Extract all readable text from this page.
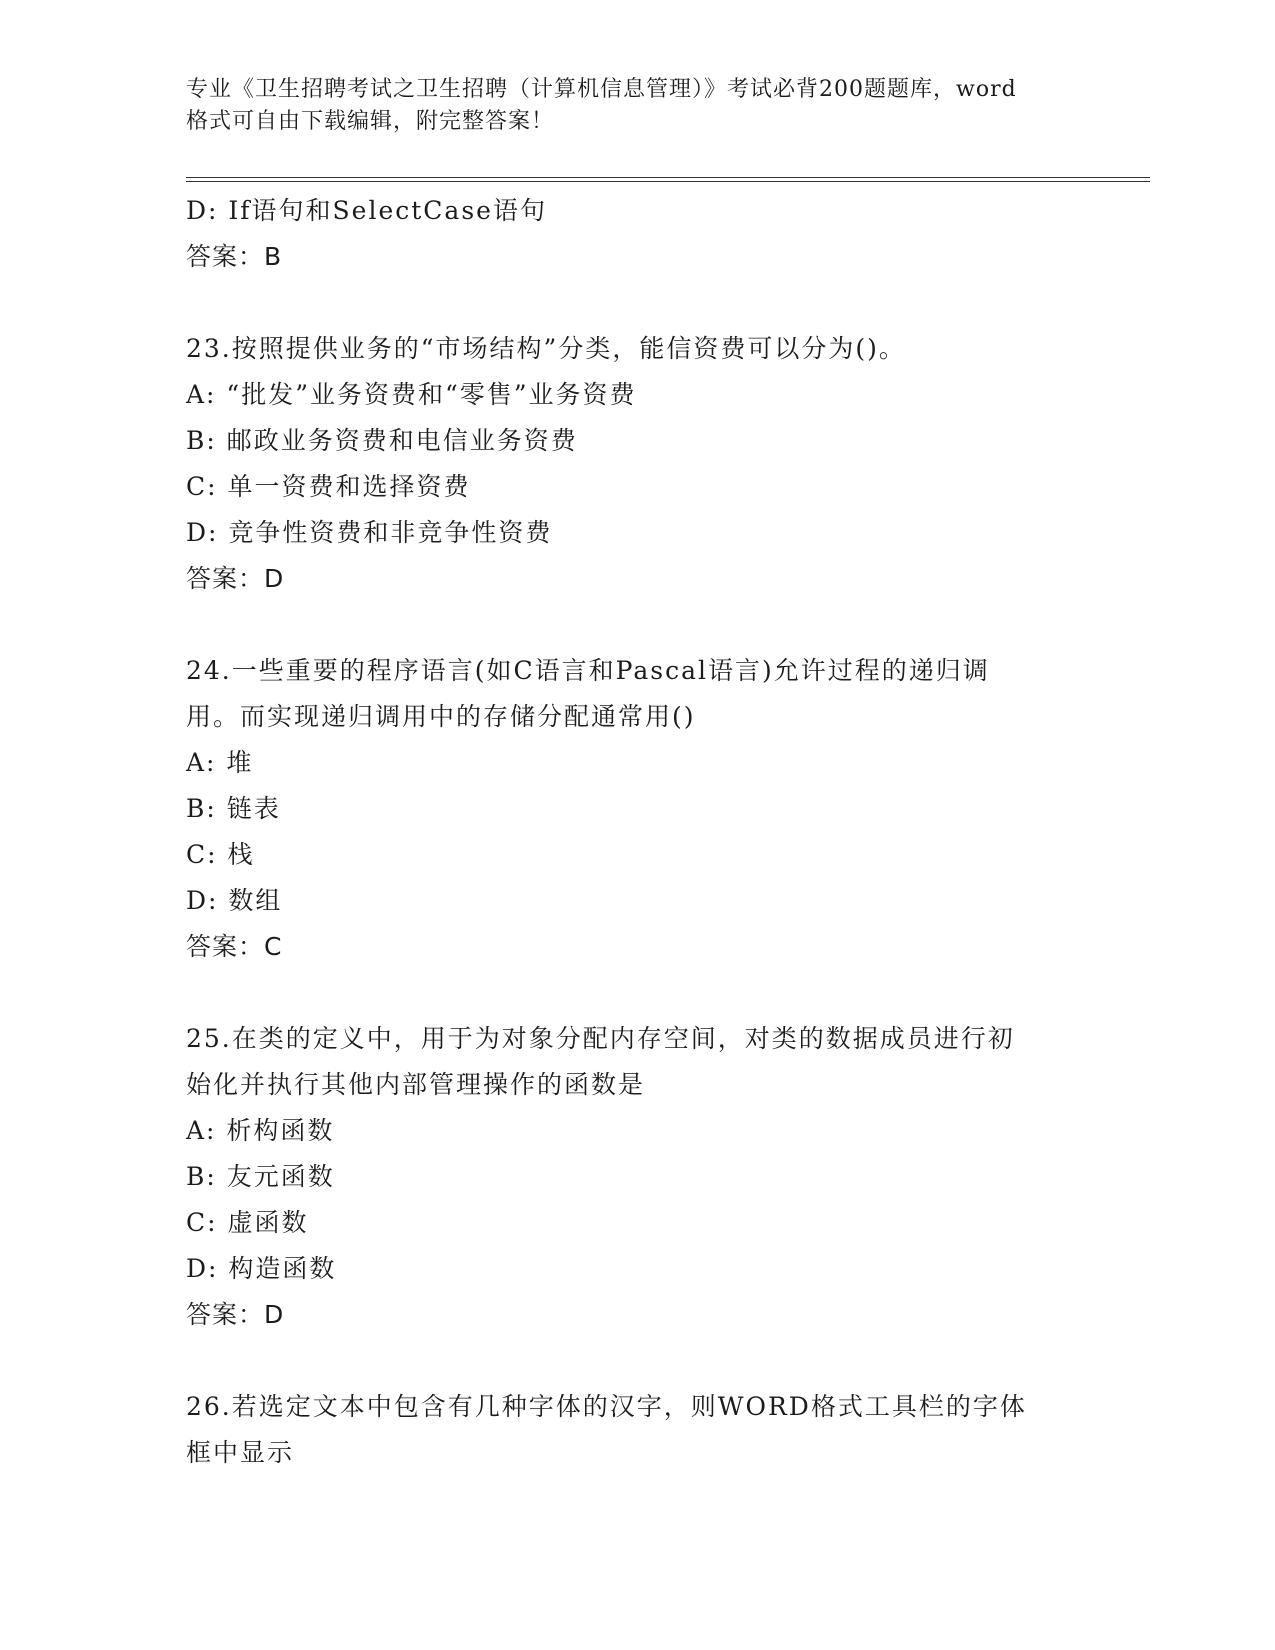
专业《卫生招聘考试之卫生招聘（计算机信息管理）》考试必背200题题库，word
格式可自由下载编辑，附完整答案！
D: If语句和SelectCase语句
答案：B
23.按照提供业务的“市场结构”分类，能信资费可以分为()。
A: “批发”业务资费和“零售”业务资费
B: 邮政业务资费和电信业务资费
C: 单一资费和选择资费
D: 竞争性资费和非竞争性资费
答案：D
24.一些重要的程序语言(如C语言和Pascal语言)允许过程的递归调
用。而实现递归调用中的存储分配通常用()
A: 堆
B: 链表
C: 栈
D: 数组
答案：C
25.在类的定义中，用于为对象分配内存空间，对类的数据成员进行初
始化并执行其他内部管理操作的函数是
A: 析构函数
B: 友元函数
C: 虚函数
D: 构造函数
答案：D
26.若选定文本中包含有几种字体的汉字，则WORD格式工具栏的字体
框中显示
